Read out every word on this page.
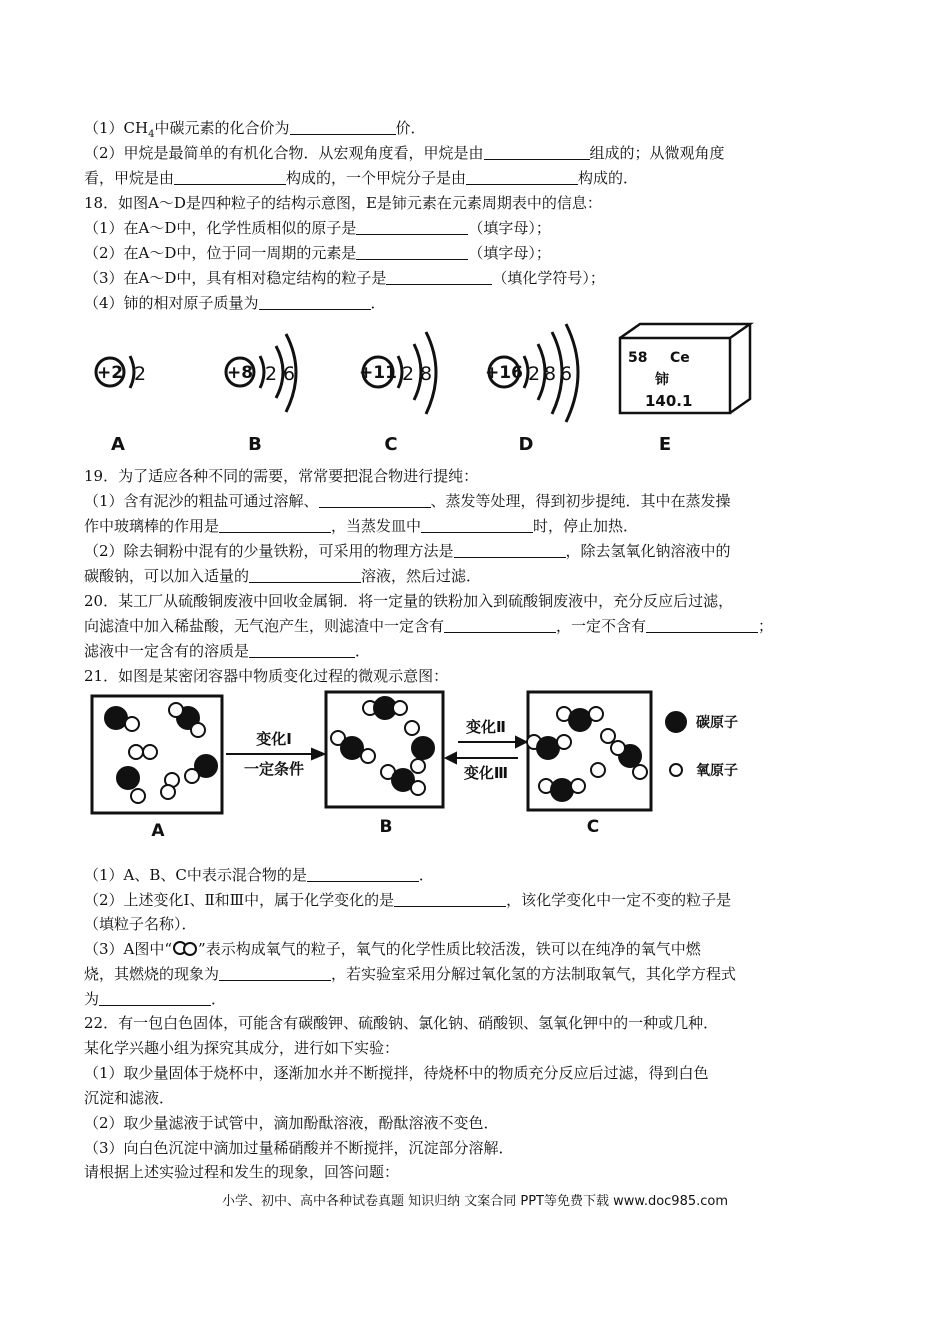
$(1)CH_4$中碳元素的化合价为	价．
（2）甲烷是最简单的有机化合物．从宏观角度看，甲烷是由	组成的；从微观角度
看，甲烷是由	构成的，一个甲烷分子是由	构成的．
18．如图A～D是四种粒子的结构示意图，E是铈元素在元素周期表中的信息：
（1）在A～D中，化学性质相似的原子是	（填字母）；
（2）在A～D中，位于同一周期的元素是	（填字母）；
（3）在A～D中，具有相对稳定结构的粒子是	（填化学符号）；
（4）铈的相对原子质量为	．
+2 2	+8 2 6	+11 2 8	+16 2 8 6
58 Ce
铈
140.1
A	B	C	D	E
19．为了适应各种不同的需要，常常要把混合物进行提纯：
（1）含有泥沙的粗盐可通过溶解、	、蒸发等处理，得到初步提纯．其中在蒸发操
作中玻璃棒的作用是	，当蒸发皿中	时，停止加热．
（2）除去铜粉中混有的少量铁粉，可采用的物理方法是	，除去氢氧化钠溶液中的
碳酸钠，可以加入适量的	溶液，然后过滤．
20．某工厂从硫酸铜废液中回收金属铜．将一定量的铁粉加入到硫酸铜废液中，充分反应后过滤，
向滤渣中加入稀盐酸，无气泡产生，则滤渣中一定含有	，一定不含有	；
滤液中一定含有的溶质是	．
21．如图是某密闭容器中物质变化过程的微观示意图：
变化Ⅰ
一定条件
变化Ⅱ
变化Ⅲ
A	B	C
碳原子
氧原子
（1）A、B、C中表示混合物的是	．
（2）上述变化Ⅰ、Ⅱ和Ⅲ中，属于化学变化的是	，该化学变化中一定不变的粒子是
（填粒子名称）．
（3）A图中“ ”表示构成氧气的粒子，氧气的化学性质比较活泼，铁可以在纯净的氧气中燃
烧，其燃烧的现象为	，若实验室采用分解过氧化氢的方法制取氧气，其化学方程式
为	．
22．有一包白色固体，可能含有碳酸钾、硫酸钠、氯化钠、硝酸钡、氢氧化钾中的一种或几种．
某化学兴趣小组为探究其成分，进行如下实验：
（1）取少量固体于烧杯中，逐渐加水并不断搅拌，待烧杯中的物质充分反应后过滤，得到白色
沉淀和滤液．
（2）取少量滤液于试管中，滴加酚酞溶液，酚酞溶液不变色．
（3）向白色沉淀中滴加过量稀硝酸并不断搅拌，沉淀部分溶解．
请根据上述实验过程和发生的现象，回答问题：
小学、初中、高中各种试卷真题 知识归纳 文案合同 PPT等免费下载 www.doc985.com
